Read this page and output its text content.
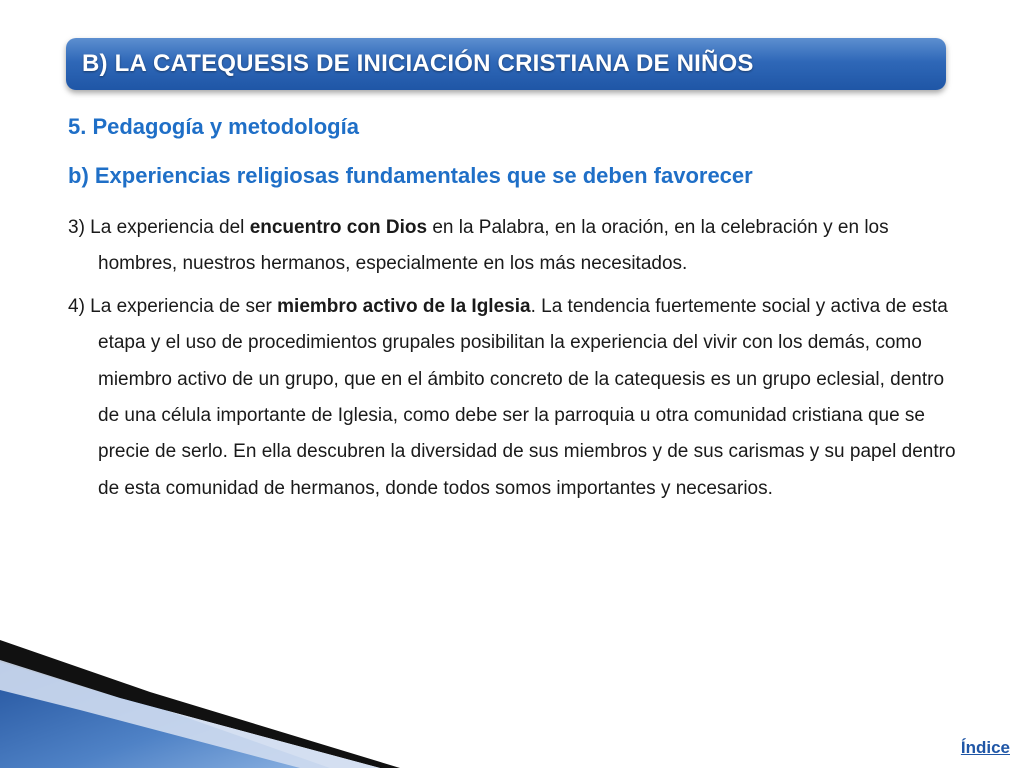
B) LA CATEQUESIS DE INICIACIÓN CRISTIANA DE NIÑOS
5. Pedagogía y metodología
b) Experiencias religiosas fundamentales que se deben favorecer

3) La experiencia del encuentro con Dios en la Palabra, en la oración, en la celebración y en los hombres, nuestros hermanos, especialmente en los más necesitados.

4) La experiencia de ser miembro activo de la Iglesia. La tendencia fuertemente social y activa de esta etapa y el uso de procedimientos grupales posibilitan la experiencia del vivir con los demás, como miembro activo de un grupo, que en el ámbito concreto de la catequesis es un grupo eclesial, dentro de una célula importante de Iglesia, como debe ser la parroquia u otra comunidad cristiana que se precie de serlo. En ella descubren la diversidad de sus miembros y de sus carismas y su papel dentro de esta comunidad de hermanos, donde todos somos importantes y necesarios.

Índice
